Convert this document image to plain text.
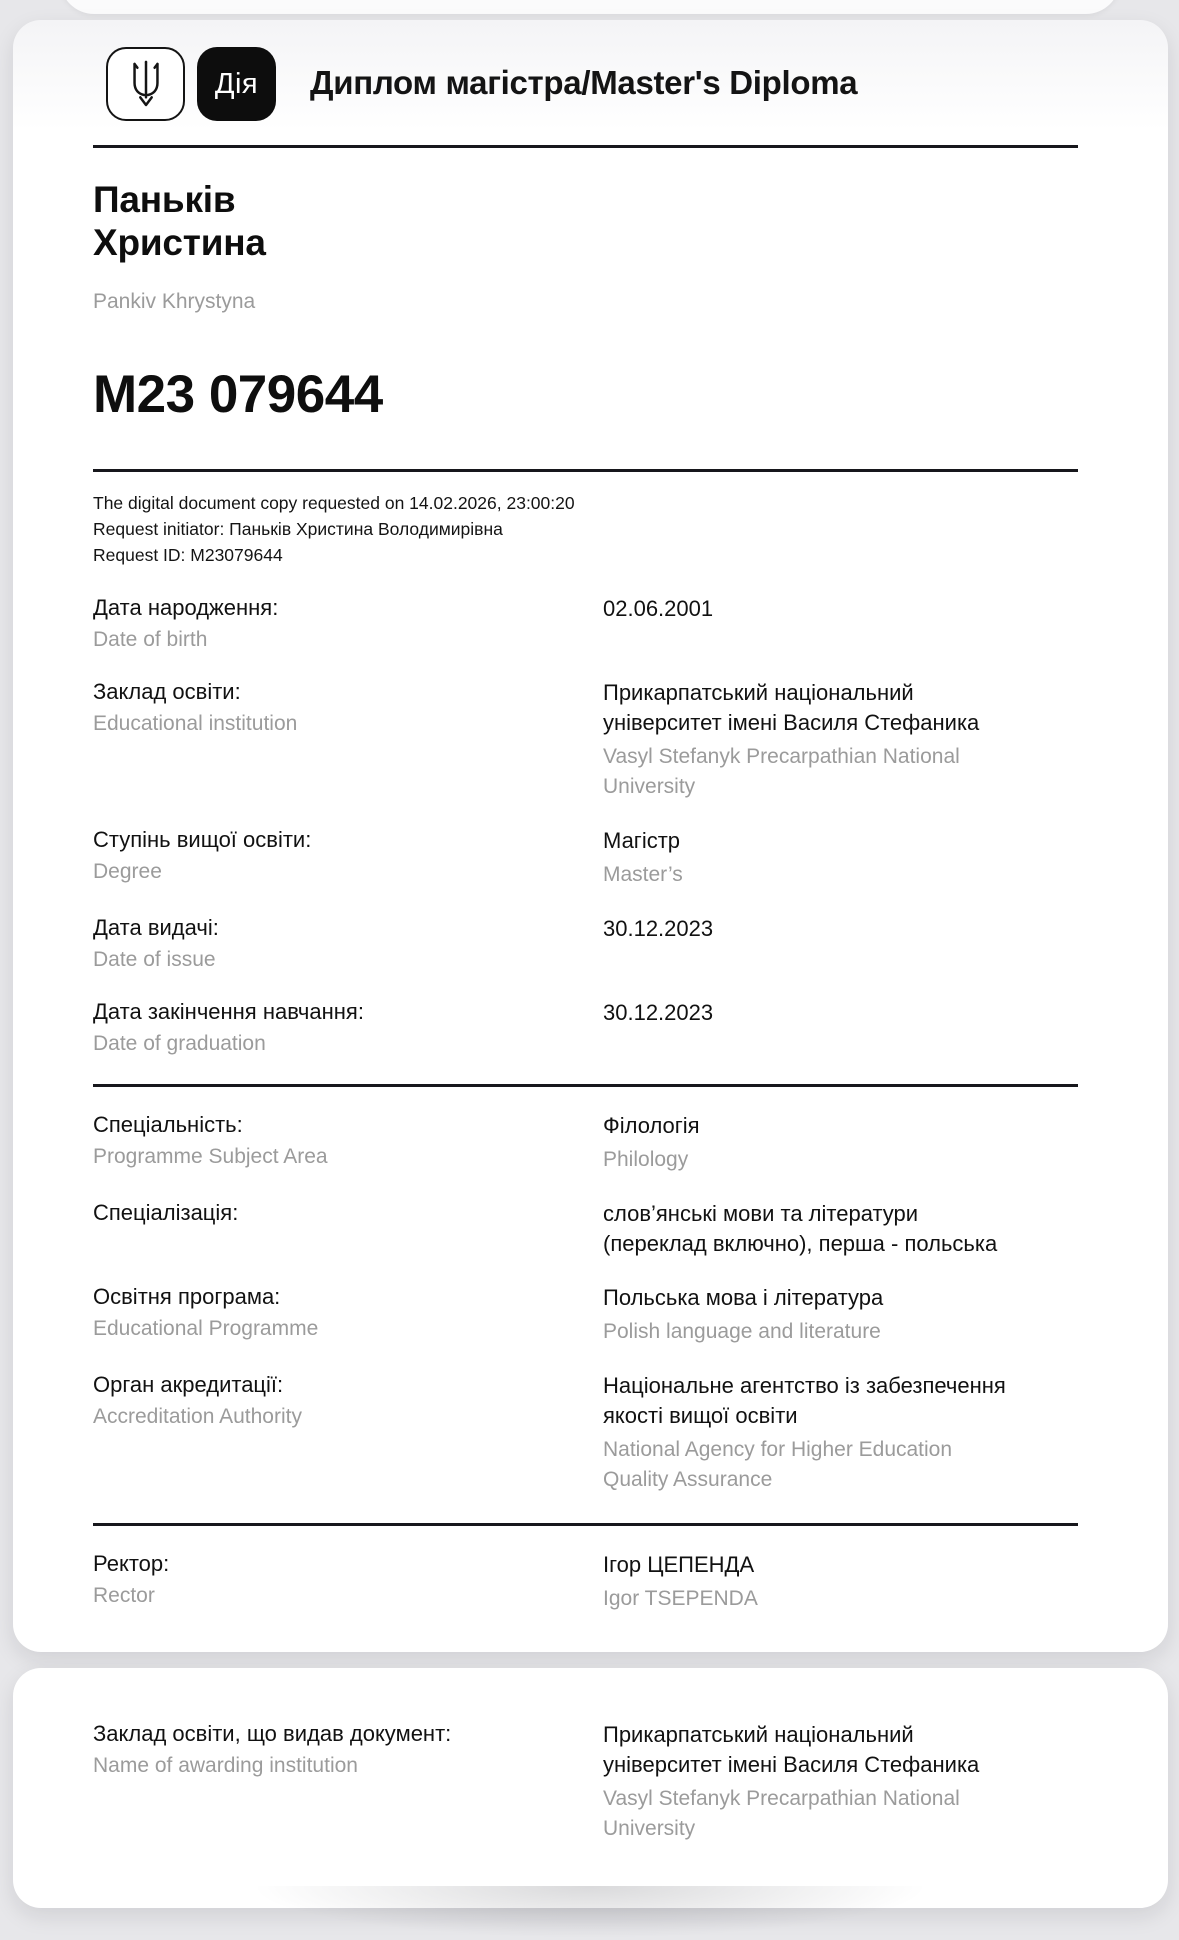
Дія Диплом магістра/Master's Diploma
Паньків
Христина
Pankiv Khrystyna
М23 079644
The digital document copy requested on 14.02.2026, 23:00:20
Request initiator: Паньків Христина Володимирівна
Request ID: М23079644
Дата народження:
Date of birth
02.06.2001
Заклад освіти:
Educational institution
Прикарпатський національний
університет імені Василя Стефаника
Vasyl Stefanyk Precarpathian National
University
Ступінь вищої освіти:
Degree
Магістр
Master’s
Дата видачі:
Date of issue
30.12.2023
Дата закінчення навчання:
Date of graduation
30.12.2023
Спеціальність:
Programme Subject Area
Філологія
Philology
Спеціалізація:	слов’янські мови та літератури
(переклад включно), перша - польська
Освітня програма:
Educational Programme
Польська мова і література
Polish language and literature
Орган акредитації:
Accreditation Authority
Національне агентство із забезпечення
якості вищої освіти
National Agency for Higher Education
Quality Assurance
Ректор:
Rector
Ігор ЦЕПЕНДА
Igor TSEPENDA
Заклад освіти, що видав документ:
Name of awarding institution
Прикарпатський національний
університет імені Василя Стефаника
Vasyl Stefanyk Precarpathian National
University
